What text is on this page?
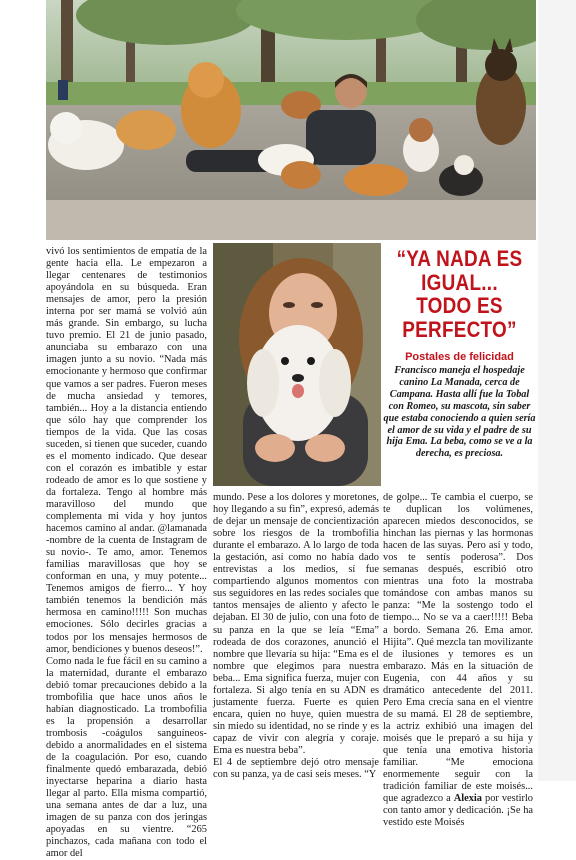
“YA NADA ES IGUAL... TODO ES PERFECTO”
Postales de felicidad
Francisco maneja el hospedaje canino La Manada, cerca de Campana. Hasta allí fue la Tobal con Romeo, su mascota, sin saber que estaba conociendo a quien sería el amor de su vida y el padre de su hija Ema. La beba, como se ve a la derecha, es preciosa.

vivó los sentimientos de empatía de la gente hacia ella. Le empezaron a llegar centenares de testimonios apoyándola en su búsqueda. Eran mensajes de amor, pero la presión interna por ser mamá se volvió aún más grande. Sin embargo, su lucha tuvo premio. El 21 de junio pasado, anunciaba su embarazo con una imagen junto a su novio. “Nada más emocionante y hermoso que confirmar que vamos a ser padres. Fueron meses de mucha ansiedad y temores, también... Hoy a la distancia entiendo que sólo hay que comprender los tiempos de la vida. Que las cosas suceden, si tienen que suceder, cuando es el momento indicado. Que desear con el corazón es imbatible y estar rodeado de amor es lo que sostiene y da fortaleza. Tengo al hombre más maravilloso del mundo que complementa mi vida y hoy juntos hacemos camino al andar. @lamanada -nombre de la cuenta de Instagram de su novio-. Te amo, amor. Tenemos familias maravillosas que hoy se conforman en una, y muy potente... Tenemos amigos de fierro... Y hoy también tenemos la bendición más hermosa en camino!!!!! Son muchas emociones. Sólo decirles gracias a todos por los mensajes hermosos de amor, bendiciones y buenos deseos!”.

Como nada le fue fácil en su camino a la maternidad, durante el embarazo debió tomar precauciones debido a la trombofilia que hace unos años le habían diagnosticado. La trombofilia es la propensión a desarrollar trombosis -coágulos sanguíneos- debido a anormalidades en el sistema de la coagulación. Por eso, cuando finalmente quedó embarazada, debió inyectarse heparina a diario hasta llegar al parto. Ella misma compartió, una semana antes de dar a luz, una imagen de su panza con dos jeringas apoyadas en su vientre. “265 pinchazos, cada mañana con todo el amor del

mundo. Pese a los dolores y moretones, hoy llegando a su fin”, expresó, además de dejar un mensaje de concientización sobre los riesgos de la trombofilia durante el embarazo. A lo largo de toda la gestación, así como no había dado entrevistas a los medios, sí fue compartiendo algunos momentos con sus seguidores en las redes sociales que tantos mensajes de aliento y afecto le dejaban. El 30 de julio, con una foto de su panza en la que se leía “Ema” rodeada de dos corazones, anunció el nombre que llevaría su hija: “Ema es el nombre que elegimos para nuestra beba... Ema significa fuerza, mujer con fortaleza. Si algo tenía en su ADN es justamente fuerza. Fuerte es quien encara, quien no huye, quien muestra sin miedo su identidad, no se rinde y es capaz de vivir con alegría y coraje. Ema es nuestra beba”.

El 4 de septiembre dejó otro mensaje con su panza, ya de casi seis meses. “Y

de golpe... Te cambia el cuerpo, se te duplican los volúmenes, aparecen miedos desconocidos, se hinchan las piernas y las hormonas hacen de las suyas. Pero así y todo, vos te sentís poderosa”. Dos semanas después, escribió otro mientras una foto la mostraba tomándose con ambas manos su panza: “Me la sostengo todo el tiempo... No se va a caer!!!!! Beba a bordo. Semana 26. Ema amor. Hijita”. Qué mezcla tan movilizante de ilusiones y temores es un embarazo. Más en la situación de Eugenia, con 44 años y su dramático antecedente del 2011. Pero Ema crecía sana en el vientre de su mamá. El 28 de septiembre, la actriz exhibió una imagen del moisés que le preparó a su hija y que tenía una emotiva historia familiar. “Me emociona enormemente seguir con la tradición familiar de este moisés... que agradezco a Alexia por vestirlo con tanto amor y dedicación. ¡Se ha vestido este Moisés
